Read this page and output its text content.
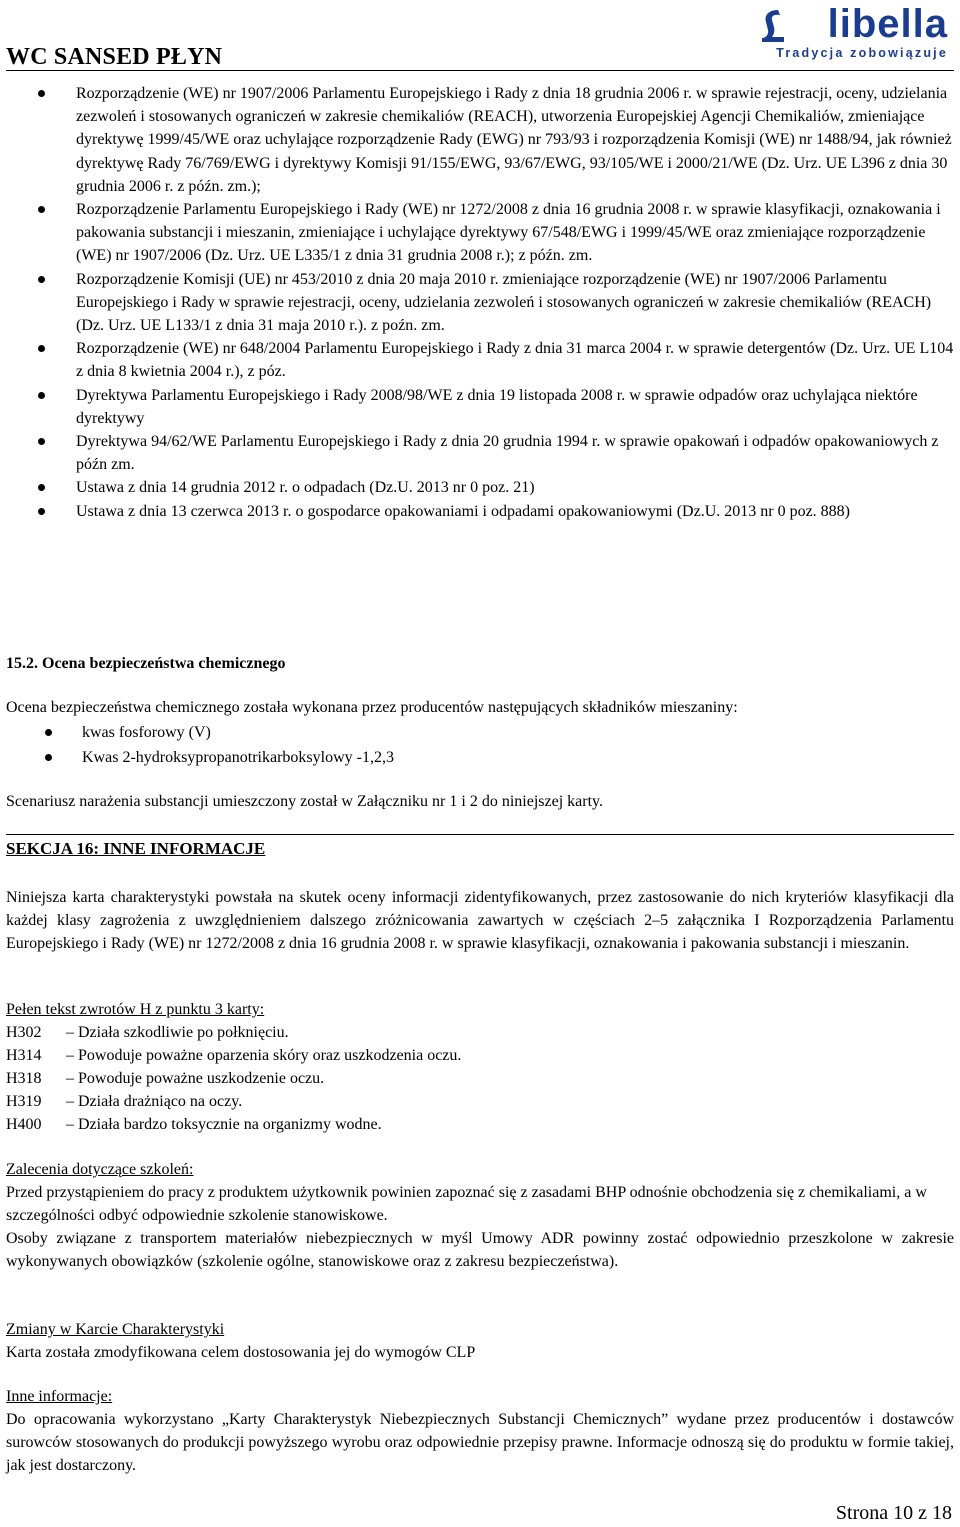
WC SANSED PŁYN
libella
Tradycja zobowiązuje
Rozporządzenie (WE) nr 1907/2006 Parlamentu Europejskiego i Rady z dnia 18 grudnia 2006 r. w sprawie rejestracji, oceny, udzielania zezwoleń i stosowanych ograniczeń w zakresie chemikaliów (REACH), utworzenia Europejskiej Agencji Chemikaliów, zmieniające dyrektywę 1999/45/WE oraz uchylające rozporządzenie Rady (EWG) nr 793/93 i rozporządzenia Komisji (WE) nr 1488/94, jak również dyrektywę Rady 76/769/EWG i dyrektywy Komisji 91/155/EWG, 93/67/EWG, 93/105/WE i 2000/21/WE (Dz. Urz. UE L396 z dnia 30 grudnia 2006 r. z późn. zm.);
Rozporządzenie Parlamentu Europejskiego i Rady (WE) nr 1272/2008 z dnia 16 grudnia 2008 r. w sprawie klasyfikacji, oznakowania i pakowania substancji i mieszanin, zmieniające i uchylające dyrektywy 67/548/EWG i 1999/45/WE oraz zmieniające rozporządzenie (WE) nr 1907/2006 (Dz. Urz. UE L335/1 z dnia 31 grudnia 2008 r.); z późn. zm.
Rozporządzenie Komisji (UE) nr 453/2010 z dnia 20 maja 2010 r. zmieniające rozporządzenie (WE) nr 1907/2006 Parlamentu Europejskiego i Rady w sprawie rejestracji, oceny, udzielania zezwoleń i stosowanych ograniczeń w zakresie chemikaliów (REACH) (Dz. Urz. UE L133/1 z dnia 31 maja 2010 r.). z poźn. zm.
Rozporządzenie (WE) nr 648/2004 Parlamentu Europejskiego i Rady z dnia 31 marca 2004 r. w sprawie detergentów (Dz. Urz. UE L104 z dnia 8 kwietnia 2004 r.), z póz.
Dyrektywa Parlamentu Europejskiego i Rady 2008/98/WE z dnia 19 listopada 2008 r. w sprawie odpadów oraz uchylająca niektóre dyrektywy
Dyrektywa 94/62/WE Parlamentu Europejskiego i Rady z dnia 20 grudnia 1994 r. w sprawie opakowań i odpadów opakowaniowych z późn zm.
Ustawa z dnia 14 grudnia 2012 r. o odpadach (Dz.U. 2013 nr 0 poz. 21)
Ustawa z dnia 13 czerwca 2013 r. o gospodarce opakowaniami i odpadami opakowaniowymi (Dz.U. 2013 nr 0 poz. 888)
15.2. Ocena bezpieczeństwa chemicznego
Ocena bezpieczeństwa chemicznego została wykonana przez producentów następujących składników mieszaniny:
kwas fosforowy (V)
Kwas 2-hydroksypropanotrikarboksylowy -1,2,3
Scenariusz narażenia substancji umieszczony został w Załączniku nr 1 i 2 do niniejszej karty.
SEKCJA 16: INNE INFORMACJE
Niniejsza karta charakterystyki powstała na skutek oceny informacji zidentyfikowanych, przez zastosowanie do nich kryteriów klasyfikacji dla każdej klasy zagrożenia z uwzględnieniem dalszego zróżnicowania zawartych w częściach 2–5 załącznika I Rozporządzenia Parlamentu Europejskiego i Rady (WE) nr 1272/2008 z dnia 16 grudnia 2008 r. w sprawie klasyfikacji, oznakowania i pakowania substancji i mieszanin.
Pełen tekst zwrotów H z punktu 3 karty:
H302	– Działa szkodliwie po połknięciu.
H314	– Powoduje poważne oparzenia skóry oraz uszkodzenia oczu.
H318	– Powoduje poważne uszkodzenie oczu.
H319	– Działa drażniąco na oczy.
H400	– Działa bardzo toksycznie na organizmy wodne.
Zalecenia dotyczące szkoleń:
Przed przystąpieniem do pracy z produktem użytkownik powinien zapoznać się z zasadami BHP odnośnie obchodzenia się z chemikaliami, a w szczególności odbyć odpowiednie szkolenie stanowiskowe.
Osoby związane z transportem materiałów niebezpiecznych w myśl Umowy ADR powinny zostać odpowiednio przeszkolone w zakresie wykonywanych obowiązków (szkolenie ogólne, stanowiskowe oraz z zakresu bezpieczeństwa).
Zmiany w Karcie Charakterystyki
Karta została zmodyfikowana celem dostosowania jej do wymogów CLP
Inne informacje:
Do opracowania wykorzystano „Karty Charakterystyk Niebezpiecznych Substancji Chemicznych” wydane przez producentów i dostawców surowców stosowanych do produkcji powyższego wyrobu oraz odpowiednie przepisy prawne. Informacje odnoszą się do produktu w formie takiej, jak jest dostarczony.
Strona 10 z 18
